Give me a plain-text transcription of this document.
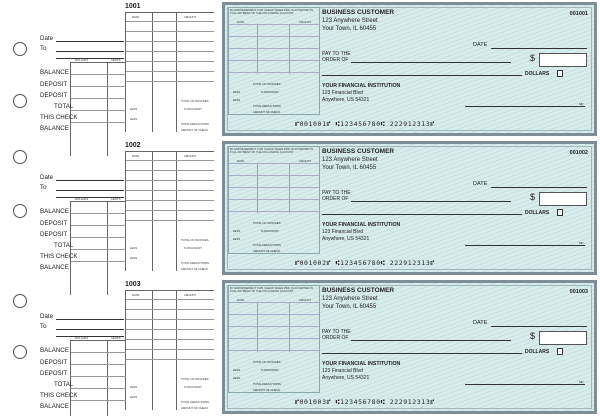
1001
Date
To
DATE	AMOUNT
TOTAL OF INVOICES
LESS	% DISCOUNT
LESS
TOTAL DEDUCTIONS
AMOUNT OF CHECK
DOLLARS	CENTS
BALANCE
DEPOSIT
DEPOSIT
TOTAL
THIS CHECK
BALANCE
1002
Date
To
DATE	AMOUNT
TOTAL OF INVOICES
LESS	% DISCOUNT
LESS
TOTAL DEDUCTIONS
AMOUNT OF CHECK
DOLLARS	CENTS
BALANCE
DEPOSIT
DEPOSIT
TOTAL
THIS CHECK
BALANCE
1003
Date
To
DATE	AMOUNT
TOTAL OF INVOICES
LESS	% DISCOUNT
LESS
TOTAL DEDUCTIONS
AMOUNT OF CHECK
DOLLARS	CENTS
BALANCE
DEPOSIT
DEPOSIT
TOTAL
THIS CHECK
BALANCE
BY ENDORSEMENT THIS CHECK WHEN PAID IS ACCEPTED IN FULL PAYMENT OF THE FOLLOWING ACCOUNT
DATE	AMOUNT
TOTAL OF INVOICES
LESS	% DISCOUNT
LESS
TOTAL DEDUCTIONS
AMOUNT OF CHECK
BUSINESS CUSTOMER
123 Anywhere Street
Your Town, IL 60455
001001
DATE
PAY TO THE
ORDER OF	$
DOLLARS
YOUR FINANCIAL INSTITUTION
123 Financial Blvd
Anywhere, US 54321
MP
⑈001001⑈ ⑆123456780⑆ 222912313⑈
BY ENDORSEMENT THIS CHECK WHEN PAID IS ACCEPTED IN FULL PAYMENT OF THE FOLLOWING ACCOUNT
DATE	AMOUNT
TOTAL OF INVOICES
LESS	% DISCOUNT
LESS
TOTAL DEDUCTIONS
AMOUNT OF CHECK
BUSINESS CUSTOMER
123 Anywhere Street
Your Town, IL 60455
001002
DATE
PAY TO THE
ORDER OF	$
DOLLARS
YOUR FINANCIAL INSTITUTION
123 Financial Blvd
Anywhere, US 54321
MP
⑈001002⑈ ⑆123456780⑆ 222912313⑈
BY ENDORSEMENT THIS CHECK WHEN PAID IS ACCEPTED IN FULL PAYMENT OF THE FOLLOWING ACCOUNT
DATE	AMOUNT
TOTAL OF INVOICES
LESS	% DISCOUNT
LESS
TOTAL DEDUCTIONS
AMOUNT OF CHECK
BUSINESS CUSTOMER
123 Anywhere Street
Your Town, IL 60455
001003
DATE
PAY TO THE
ORDER OF	$
DOLLARS
YOUR FINANCIAL INSTITUTION
123 Financial Blvd
Anywhere, US 54321
MP
⑈001003⑈ ⑆123456780⑆ 222912313⑈
